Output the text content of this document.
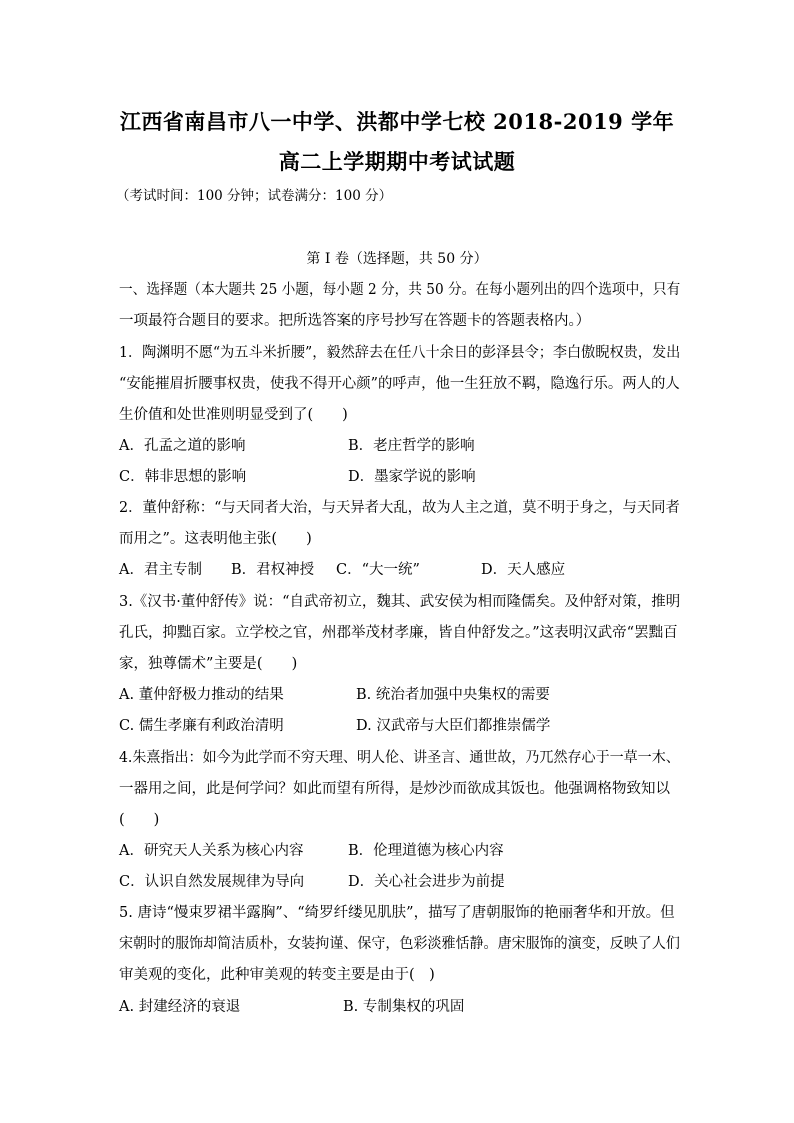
江西省南昌市八一中学、洪都中学七校 2018-2019 学年
高二上学期期中考试试题
（考试时间：100 分钟；试卷满分：100 分）
第 I 卷（选择题，共 50 分）
一、选择题（本大题共 25 小题，每小题 2 分，共 50 分。在每小题列出的四个选项中，只有
一项最符合题目的要求。把所选答案的序号抄写在答题卡的答题表格内。）
1．陶渊明不愿“为五斗米折腰”，毅然辞去在任八十余日的彭泽县令；李白傲睨权贵，发出
“安能摧眉折腰事权贵，使我不得开心颜”的呼声，他一生狂放不羁，隐逸行乐。两人的人
生价值和处世准则明显受到了(　　)
A．孔孟之道的影响	B．老庄哲学的影响
C．韩非思想的影响	D．墨家学说的影响
2．董仲舒称：“与天同者大治，与天异者大乱，故为人主之道，莫不明于身之，与天同者
而用之”。这表明他主张(　　)
A．君主专制 B．君权神授 C．“大一统”	D．天人感应
3.《汉书·董仲舒传》说：“自武帝初立，魏其、武安侯为相而隆儒矣。及仲舒对策，推明
孔氏，抑黜百家。立学校之官，州郡举茂材孝廉，皆自仲舒发之。”这表明汉武帝“罢黜百
家，独尊儒术”主要是(　　)
A. 董仲舒极力推动的结果	B. 统治者加强中央集权的需要
C. 儒生孝廉有利政治清明	D. 汉武帝与大臣们都推崇儒学
4.朱熹指出：如今为此学而不穷天理、明人伦、讲圣言、通世故，乃兀然存心于一草一木、
一器用之间，此是何学问？如此而望有所得，是炒沙而欲成其饭也。他强调格物致知以
(　　)
A．研究天人关系为核心内容	B．伦理道德为核心内容
C．认识自然发展规律为导向	D．关心社会进步为前提
5. 唐诗“慢束罗裙半露胸”、“绮罗纤缕见肌肤”，描写了唐朝服饰的艳丽奢华和开放。但
宋朝时的服饰却简洁质朴，女装拘谨、保守，色彩淡雅恬静。唐宋服饰的演变，反映了人们
审美观的变化，此种审美观的转变主要是由于(　)
A. 封建经济的衰退	B. 专制集权的巩固
